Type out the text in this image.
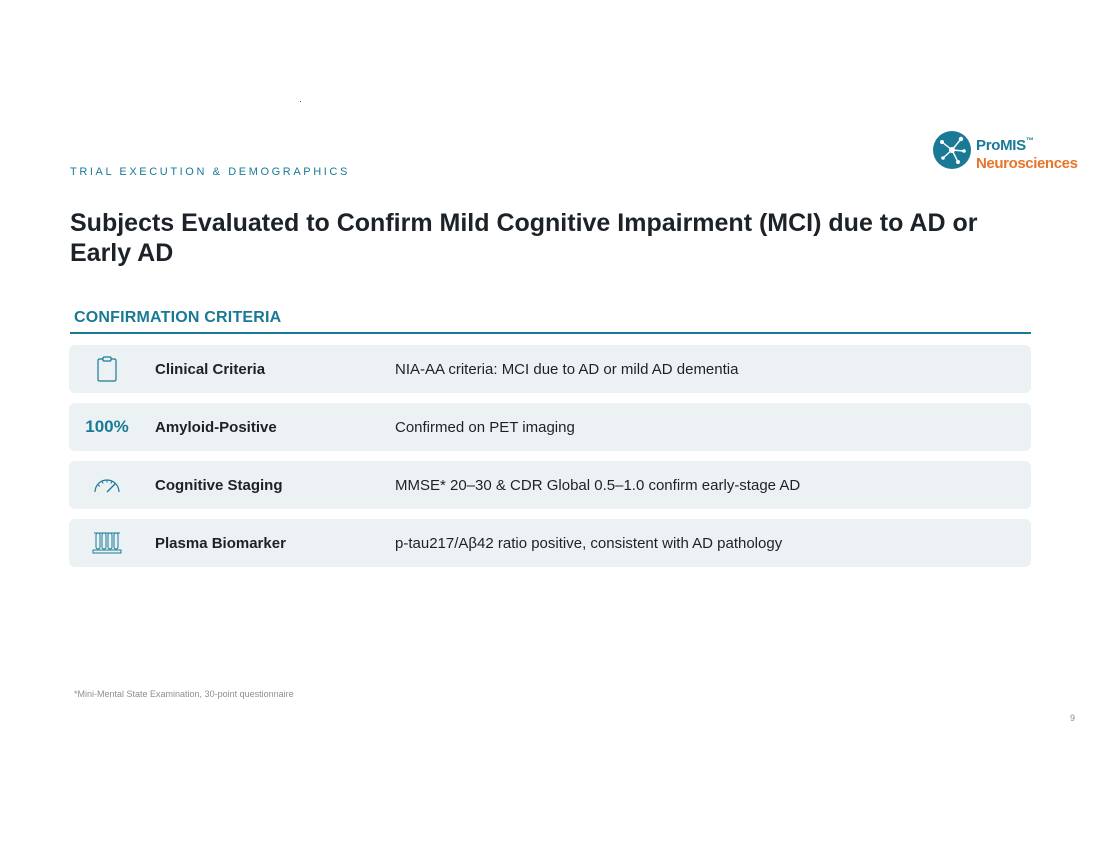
TRIAL EXECUTION & DEMOGRAPHICS
ProMIS™
Neurosciences
Subjects Evaluated to Confirm Mild Cognitive Impairment (MCI) due to AD or Early AD
CONFIRMATION CRITERIA
Clinical Criteria	NIA-AA criteria: MCI due to AD or mild AD dementia
100% Amyloid-Positive	Confirmed on PET imaging
Cognitive Staging	MMSE* 20–30 & CDR Global 0.5–1.0 confirm early-stage AD
Plasma Biomarker	p-tau217/Aβ42 ratio positive, consistent with AD pathology
*Mini-Mental State Examination, 30-point questionnaire
9
